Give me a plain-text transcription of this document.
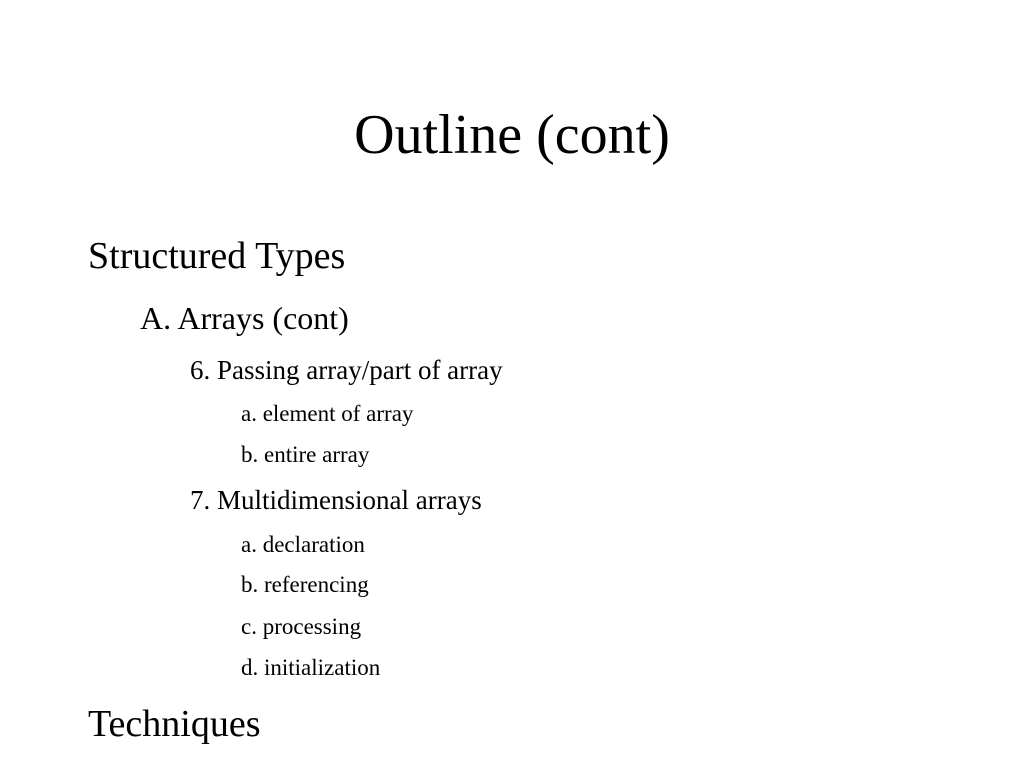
Outline (cont)
Structured Types
A. Arrays (cont)
6. Passing array/part of array
a. element of array
b. entire array
7. Multidimensional arrays
a. declaration
b. referencing
c. processing
d. initialization
Techniques
